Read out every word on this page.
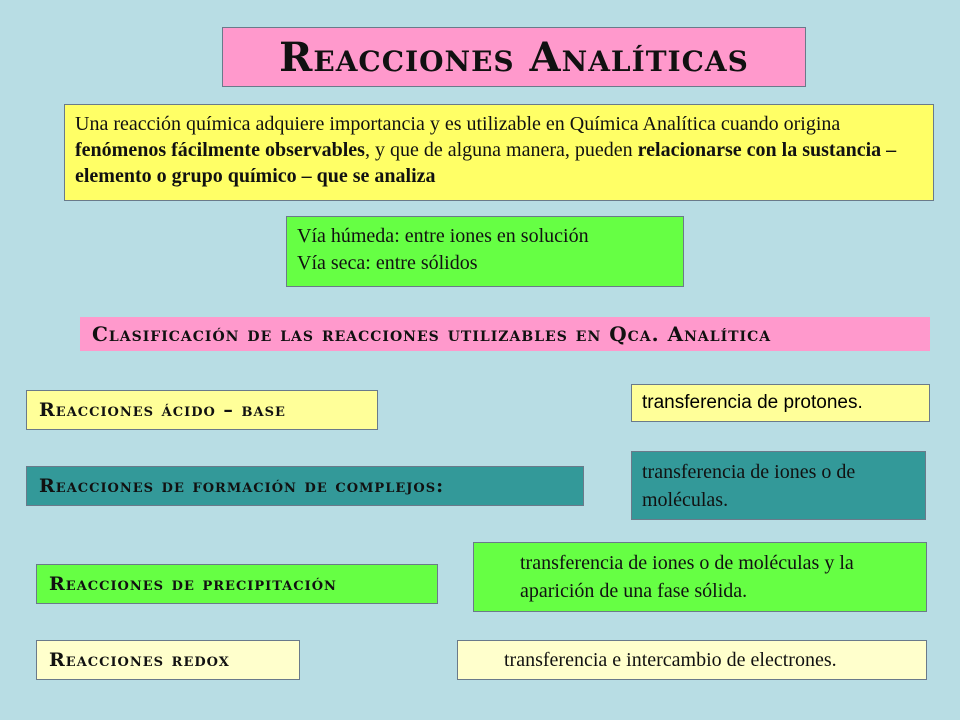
Reacciones Analíticas
Una reacción química adquiere importancia y es utilizable en Química Analítica cuando origina fenómenos fácilmente observables, y que de alguna manera, pueden relacionarse con la sustancia – elemento o grupo químico – que se analiza
Vía húmeda: entre iones en solución
Vía seca: entre sólidos
Clasificación de las reacciones utilizables en Qca. Analítica
Reacciones ácido – base	transferencia de protones.
Reacciones de formación de complejos:
transferencia de iones o de moléculas.
transferencia de iones o de moléculas y la aparición de una fase sólida.
Reacciones de precipitación
Reacciones redox	transferencia e intercambio de electrones.
